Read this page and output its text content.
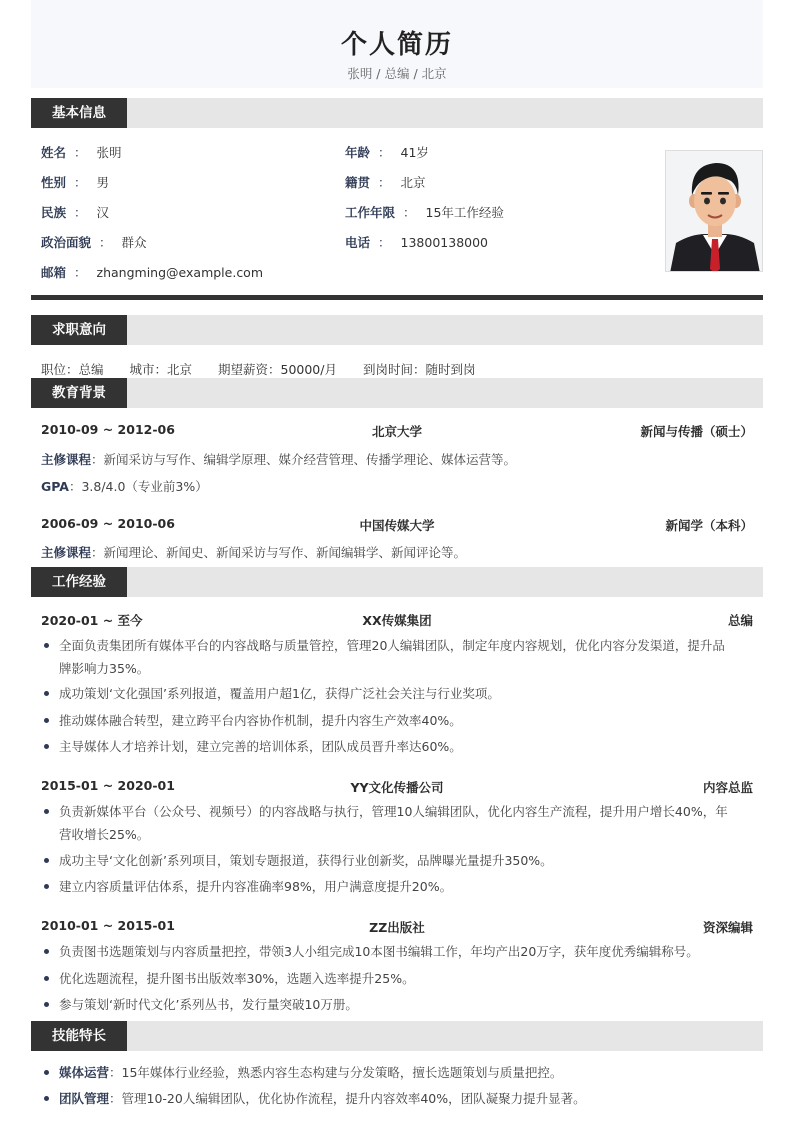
个人简历
张明 / 总编 / 北京
基本信息
姓名 ： 张明
性别 ： 男
民族 ： 汉
政治面貌 ： 群众
邮箱 ： zhangming@example.com
年龄 ： 41岁
籍贯 ： 北京
工作年限 ： 15年工作经验
电话 ： 13800138000
求职意向
职位：总编 城市：北京 期望薪资：50000/月 到岗时间：随时到岗
教育背景
2010-09 ~ 2012-06	北京大学	新闻与传播（硕士）
主修课程：新闻采访与写作、编辑学原理、媒介经营管理、传播学理论、媒体运营等。
GPA：3.8/4.0（专业前3%）
2006-09 ~ 2010-06	中国传媒大学	新闻学（本科）
主修课程：新闻理论、新闻史、新闻采访与写作、新闻编辑学、新闻评论等。
工作经验
2020-01 ~ 至今	XX传媒集团	总编
全面负责集团所有媒体平台的内容战略与质量管控，管理20人编辑团队，制定年度内容规划，优化内容分发渠道，提升品
牌影响力35%。
成功策划‘文化强国’系列报道，覆盖用户超1亿，获得广泛社会关注与行业奖项。
推动媒体融合转型，建立跨平台内容协作机制，提升内容生产效率40%。
主导媒体人才培养计划，建立完善的培训体系，团队成员晋升率达60%。
2015-01 ~ 2020-01	YY文化传播公司	内容总监
负责新媒体平台（公众号、视频号）的内容战略与执行，管理10人编辑团队，优化内容生产流程，提升用户增长40%，年
营收增长25%。
成功主导‘文化创新’系列项目，策划专题报道，获得行业创新奖，品牌曝光量提升350%。
建立内容质量评估体系，提升内容准确率98%，用户满意度提升20%。
2010-01 ~ 2015-01	ZZ出版社	资深编辑
负责图书选题策划与内容质量把控，带领3人小组完成10本图书编辑工作，年均产出20万字，获年度优秀编辑称号。
优化选题流程，提升图书出版效率30%，选题入选率提升25%。
参与策划‘新时代文化’系列丛书，发行量突破10万册。
技能特长
媒体运营：15年媒体行业经验，熟悉内容生态构建与分发策略，擅长选题策划与质量把控。
团队管理：管理10-20人编辑团队，优化协作流程，提升内容效率40%，团队凝聚力提升显著。
